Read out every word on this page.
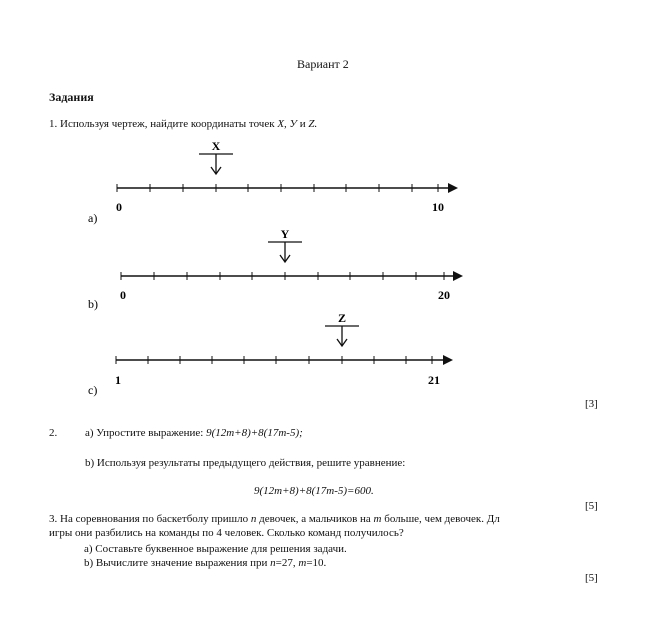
Вариант 2
Задания
1. Используя чертеж, найдите координаты точек X, У и Z.
X
0	10
a)
Y
0	20
b)
Z
1	21
c)
[3]
2.	a) Упростите выражение: 9(12m+8)+8(17m-5);
b) Используя результаты предыдущего действия, решите уравнение:
9(12m+8)+8(17m-5)=600.
[5]
3. На соревнования по баскетболу пришло n девочек, а мальчиков на m больше, чем девочек. Дл
игры они разбились на команды по 4 человек. Сколько команд получилось?
a) Составьте буквенное выражение для решения задачи.
b) Вычислите значение выражения при n=27, m=10.
[5]
